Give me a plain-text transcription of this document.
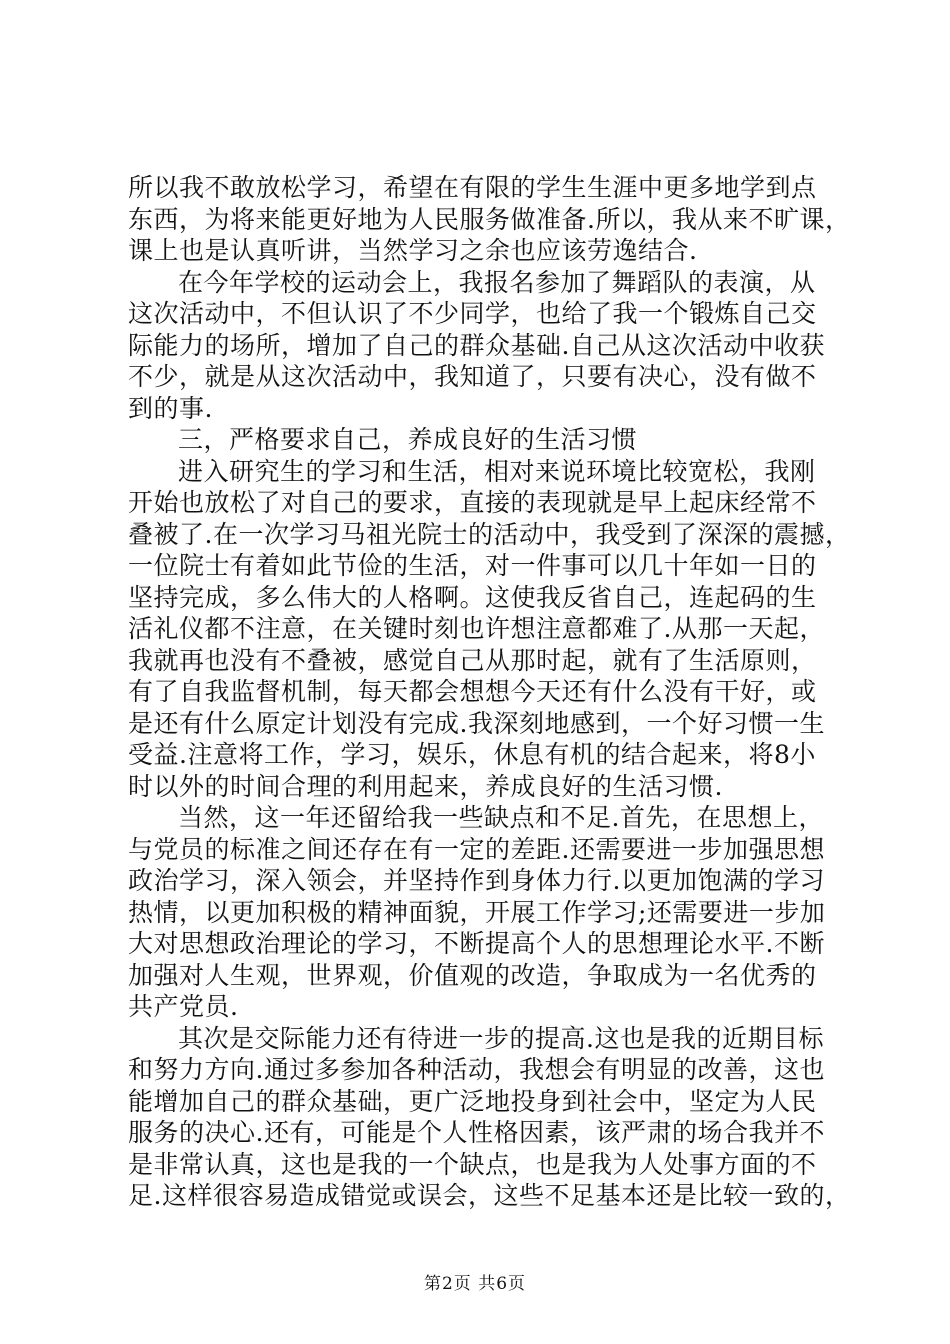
所以我不敢放松学习，希望在有限的学生生涯中更多地学到点
东西，为将来能更好地为人民服务做准备.所以，我从来不旷课，
课上也是认真听讲，当然学习之余也应该劳逸结合.
在今年学校的运动会上，我报名参加了舞蹈队的表演，从
这次活动中，不但认识了不少同学，也给了我一个锻炼自己交
际能力的场所，增加了自己的群众基础.自己从这次活动中收获
不少，就是从这次活动中，我知道了，只要有决心，没有做不
到的事.
三，严格要求自己，养成良好的生活习惯
进入研究生的学习和生活，相对来说环境比较宽松，我刚
开始也放松了对自己的要求，直接的表现就是早上起床经常不
叠被了.在一次学习马祖光院士的活动中，我受到了深深的震撼，
一位院士有着如此节俭的生活，对一件事可以几十年如一日的
坚持完成，多么伟大的人格啊。这使我反省自己，连起码的生
活礼仪都不注意，在关键时刻也许想注意都难了.从那一天起，
我就再也没有不叠被，感觉自己从那时起，就有了生活原则，
有了自我监督机制，每天都会想想今天还有什么没有干好，或
是还有什么原定计划没有完成.我深刻地感到，一个好习惯一生
受益.注意将工作，学习，娱乐，休息有机的结合起来，将8小
时以外的时间合理的利用起来，养成良好的生活习惯.
当然，这一年还留给我一些缺点和不足.首先，在思想上，
与党员的标准之间还存在有一定的差距.还需要进一步加强思想
政治学习，深入领会，并坚持作到身体力行.以更加饱满的学习
热情，以更加积极的精神面貌，开展工作学习;还需要进一步加
大对思想政治理论的学习，不断提高个人的思想理论水平.不断
加强对人生观，世界观，价值观的改造，争取成为一名优秀的
共产党员.
其次是交际能力还有待进一步的提高.这也是我的近期目标
和努力方向.通过多参加各种活动，我想会有明显的改善，这也
能增加自己的群众基础，更广泛地投身到社会中，坚定为人民
服务的决心.还有，可能是个人性格因素，该严肃的场合我并不
是非常认真，这也是我的一个缺点，也是我为人处事方面的不
足.这样很容易造成错觉或误会，这些不足基本还是比较一致的，
第2页 共6页
